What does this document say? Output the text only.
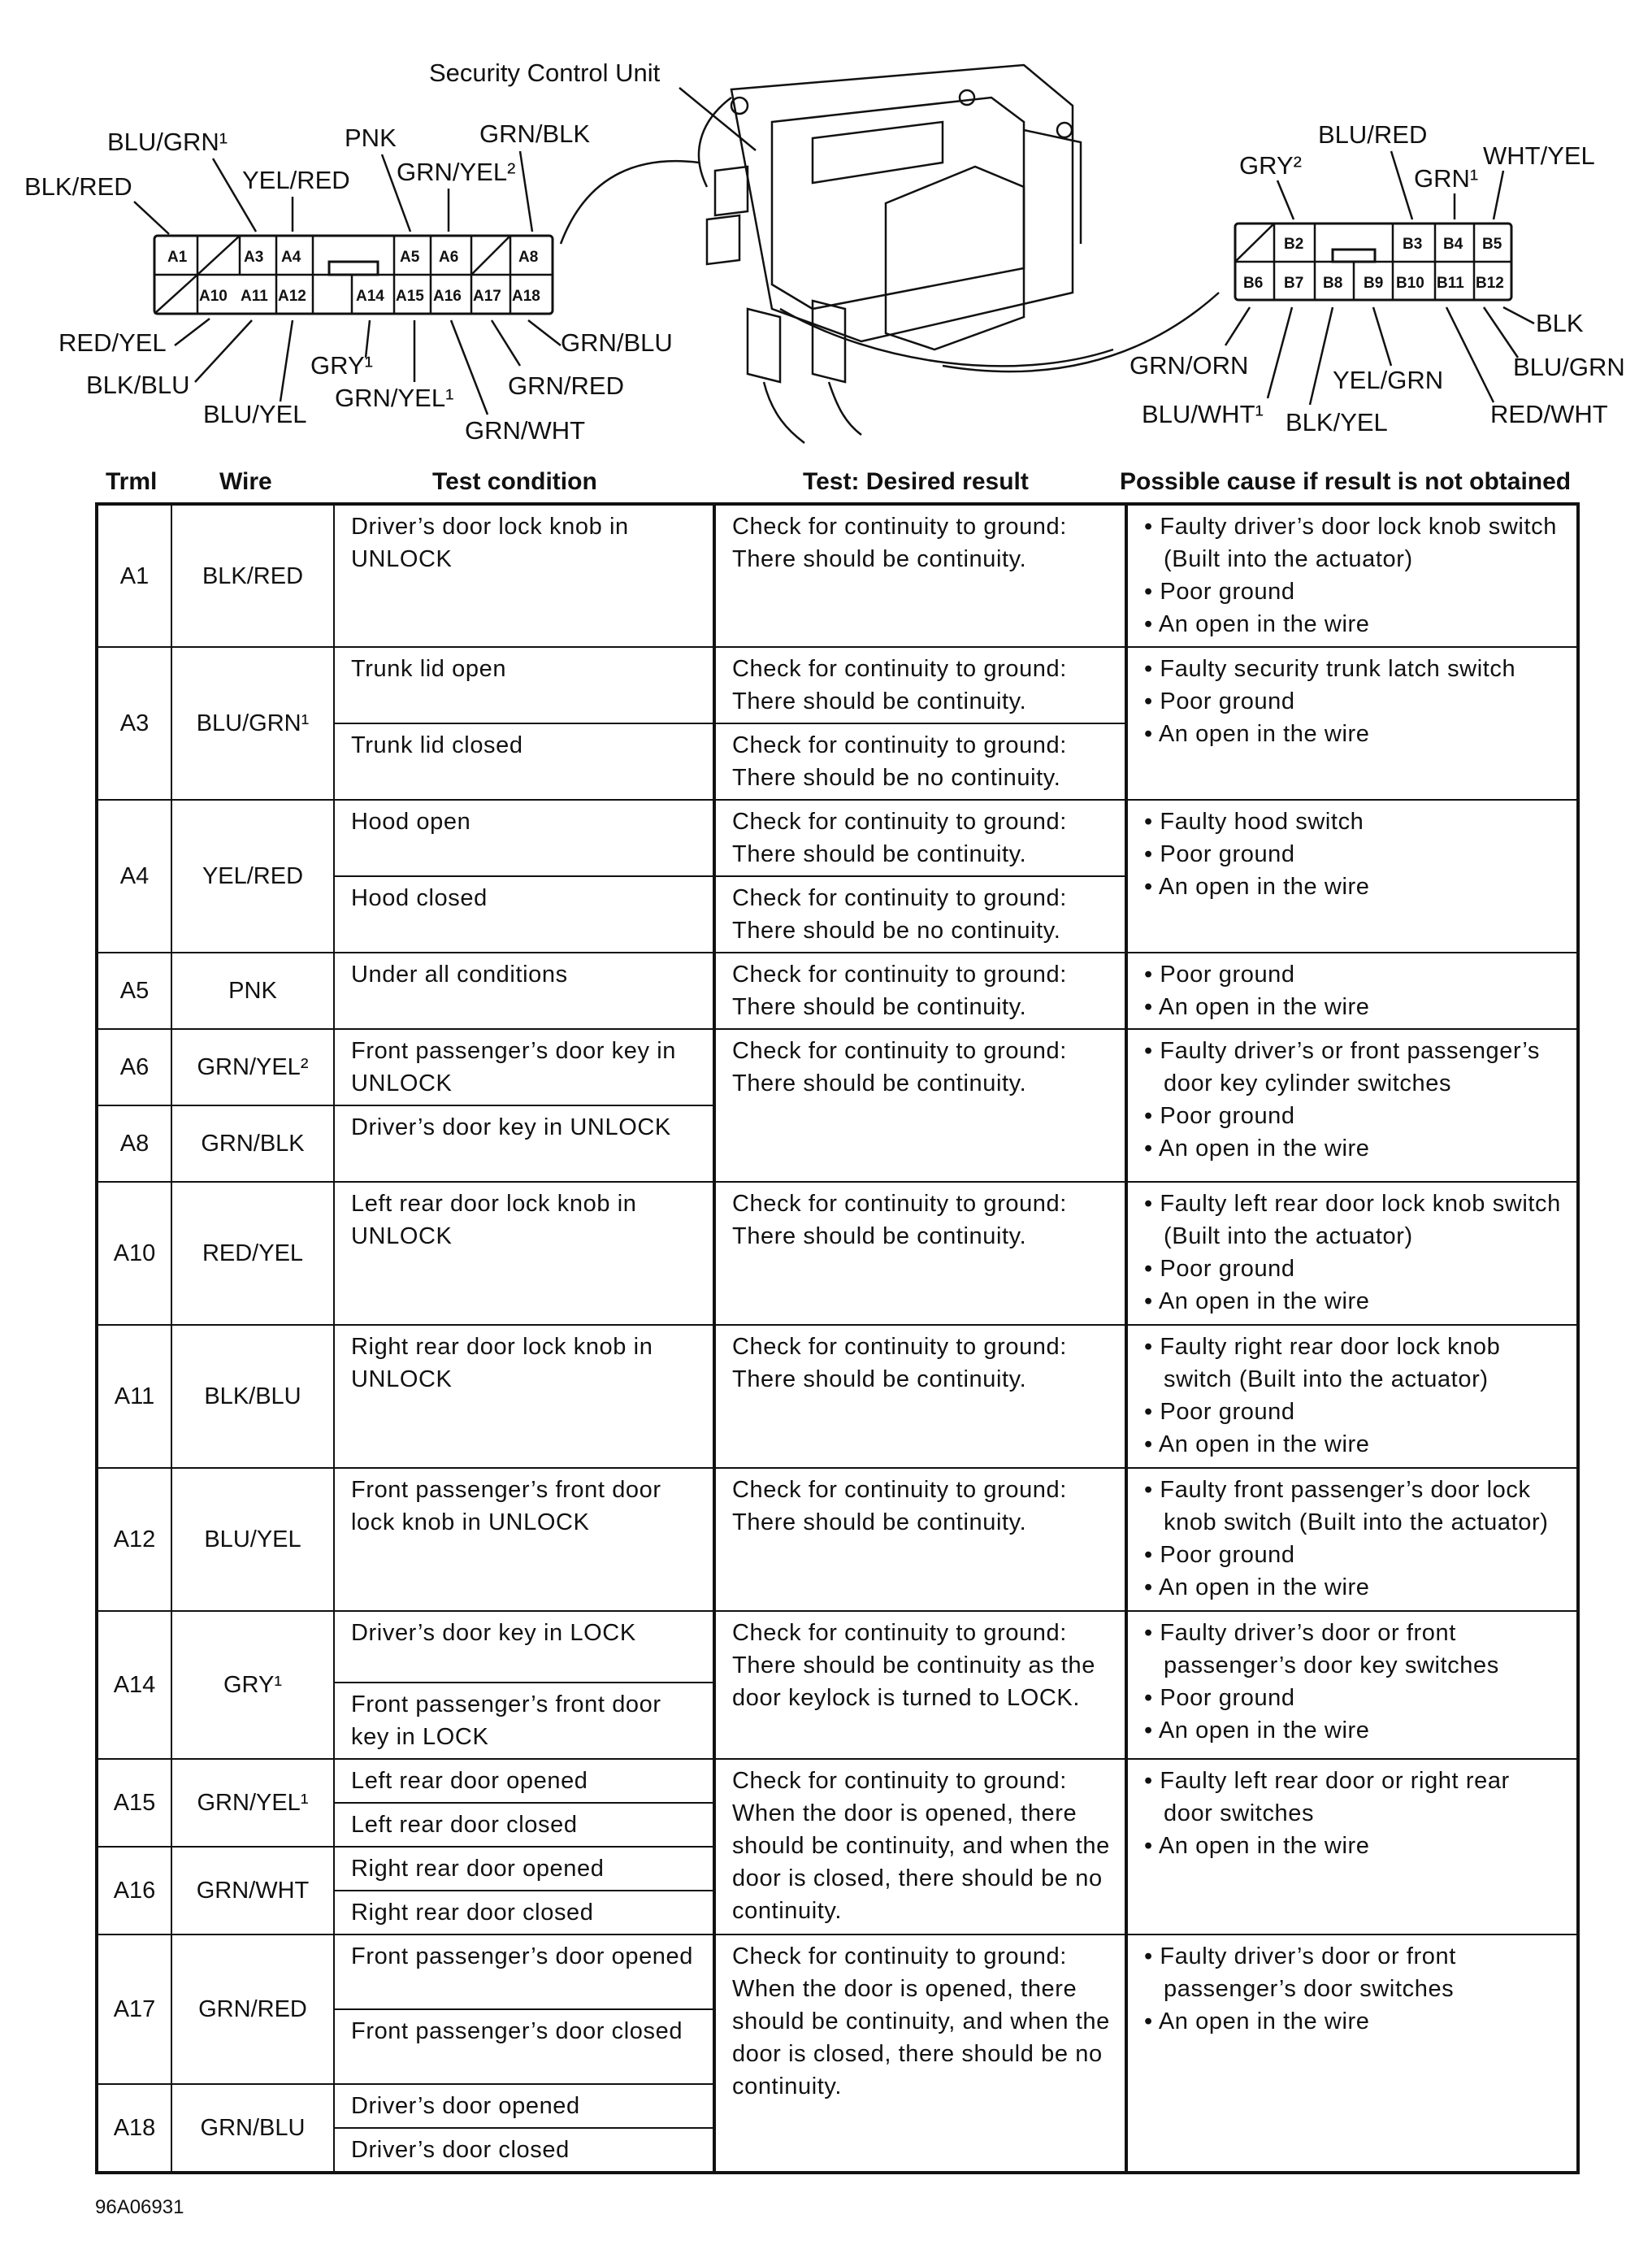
Security Control Unit
A1	A3 A4	A5 A6	A8
A10 A11 A12	A14 A15 A16 A17 A18
BLK/RED
BLU/GRN¹
YEL/RED
PNK
GRN/YEL²
GRN/BLK
RED/YEL
BLK/BLU
BLU/YEL
GRY¹
GRN/YEL¹
GRN/WHT
GRN/RED
GRN/BLU
B2	B3 B4 B5
B6 B7 B8 B9 B10 B11 B12
GRY²
BLU/RED
GRN¹
WHT/YEL
BLK
BLU/GRN
RED/WHT
YEL/GRN
BLK/YEL
BLU/WHT¹
GRN/ORN
Trml	Wire	Test condition	Test: Desired result	Possible cause if result is not obtained
A1	BLK/RED	Driver’s door lock knob in UNLOCK	Check for continuity to ground: There should be continuity.	• Faulty driver’s door lock knob switch (Built into the actuator)
• Poor ground
• An open in the wire

A3	BLU/GRN¹	Trunk lid open	Check for continuity to ground: There should be continuity.	• Faulty security trunk latch switch
• Poor ground
• An open in the wire

		Trunk lid closed	Check for continuity to ground: There should be no continuity.	
A4	YEL/RED	Hood open	Check for continuity to ground: There should be continuity.	• Faulty hood switch
• Poor ground
• An open in the wire

		Hood closed	Check for continuity to ground: There should be no continuity.	
A5	PNK	Under all conditions	Check for continuity to ground: There should be continuity.	• Poor ground
• An open in the wire

A6	GRN/YEL²	Front passenger’s door key in UNLOCK	Check for continuity to ground: There should be continuity.	• Faulty driver’s or front passenger’s door key cylinder switches
• Poor ground
• An open in the wire

A8	GRN/BLK	Driver’s door key in UNLOCK		
A10	RED/YEL	Left rear door lock knob in UNLOCK	Check for continuity to ground: There should be continuity.	• Faulty left rear door lock knob switch (Built into the actuator)
• Poor ground
• An open in the wire

A11	BLK/BLU	Right rear door lock knob in UNLOCK	Check for continuity to ground: There should be continuity.	• Faulty right rear door lock knob switch (Built into the actuator)
• Poor ground
• An open in the wire

A12	BLU/YEL	Front passenger’s front door lock knob in UNLOCK	Check for continuity to ground: There should be continuity.	• Faulty front passenger’s door lock knob switch (Built into the actuator)
• Poor ground
• An open in the wire

A14	GRY¹	Driver’s door key in LOCK	Check for continuity to ground: There should be continuity as the door keylock is turned to LOCK.	• Faulty driver’s door or front passenger’s door key switches
• Poor ground
• An open in the wire

		Front passenger’s front door key in LOCK		
A15	GRN/YEL¹	Left rear door opened	Check for continuity to ground: When the door is opened, there should be continuity, and when the door is closed, there should be no continuity.	• Faulty left rear door or right rear door switches
• An open in the wire

		Left rear door closed		
A16	GRN/WHT	Right rear door opened		
		Right rear door closed		
A17	GRN/RED	Front passenger’s door opened	Check for continuity to ground: When the door is opened, there should be continuity, and when the door is closed, there should be no continuity.	• Faulty driver’s door or front passenger’s door switches
• An open in the wire

		Front passenger’s door closed		
A18	GRN/BLU	Driver’s door opened		
		Driver’s door closed		
96A06931
